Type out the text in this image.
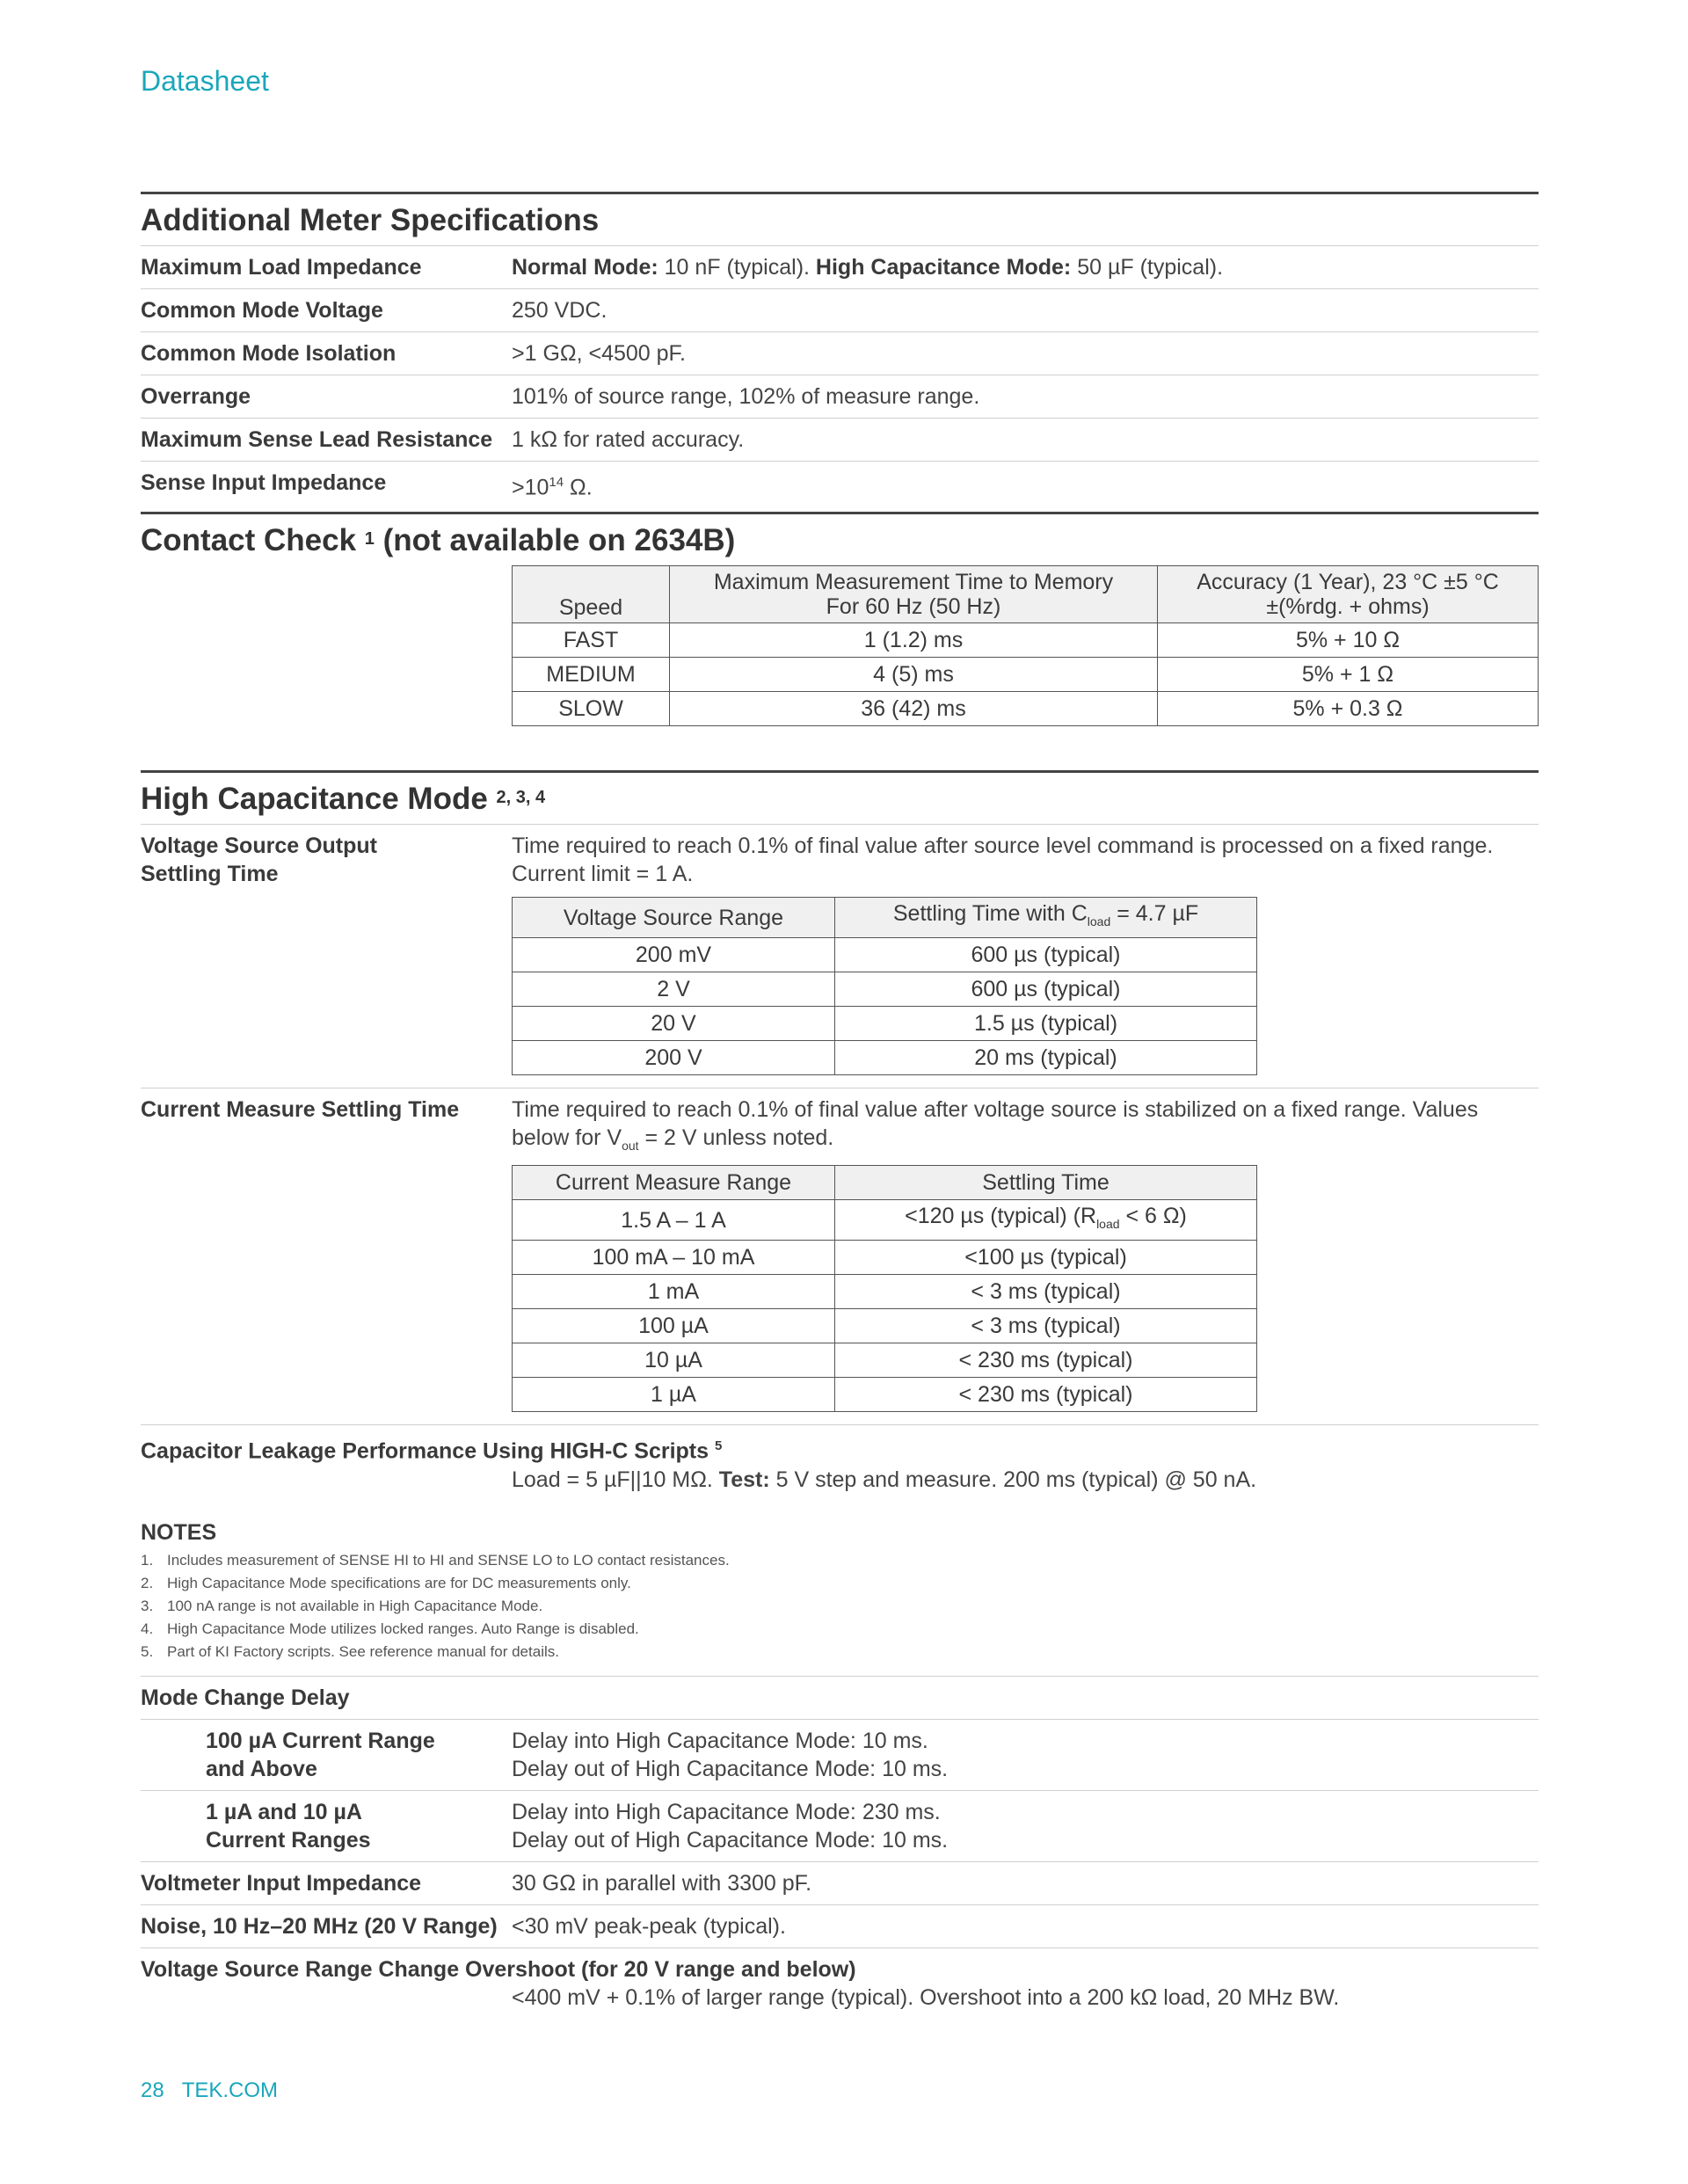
Datasheet
Additional Meter Specifications
Maximum Load Impedance	Normal Mode: 10 nF (typical). High Capacitance Mode: 50 µF (typical).
Common Mode Voltage	250 VDC.
Common Mode Isolation	>1 GΩ, <4500 pF.
Overrange	101% of source range, 102% of measure range.
Maximum Sense Lead Resistance 1 kΩ for rated accuracy.
Sense Input Impedance	$>10^{14}$ Ω.
Contact Check $^1$ (not available on 2634B)
Speed	Maximum Measurement Time to Memory For 60 Hz (50 Hz)	Accuracy (1 Year), 23 °C ±5 °C ±(%rdg. + ohms)
FAST	1 (1.2) ms	5% + 10 Ω
MEDIUM	4 (5) ms	5% + 1 Ω
SLOW	36 (42) ms	5% + 0.3 Ω
High Capacitance Mode $^{2, 3, 4}$
Voltage Source Output Settling Time
Time required to reach 0.1% of final value after source level command is processed on a fixed range. Current limit = 1 A.
Voltage Source Range	Settling Time with $C_{load} = 4.7$ µF
200 mV	600 µs (typical)
2 V	600 µs (typical)
20 V	1.5 µs (typical)
200 V	20 ms (typical)
Current Measure Settling Time	Time required to reach 0.1% of final value after voltage source is stabilized on a fixed range. Values below for $V_{out} = 2$ V unless noted.
Current Measure Range	Settling Time
1.5 A – 1 A	<120 µs (typical) ($R_{load} < 6$ Ω)
100 mA – 10 mA	<100 µs (typical)
1 mA	< 3 ms (typical)
100 µA	< 3 ms (typical)
10 µA	< 230 ms (typical)
1 µA	< 230 ms (typical)
Capacitor Leakage Performance Using HIGH-C Scripts $^5$
Load = 5 µF||10 MΩ. Test: 5 V step and measure. 200 ms (typical) @ 50 nA.
NOTES
1. Includes measurement of SENSE HI to HI and SENSE LO to LO contact resistances.
2. High Capacitance Mode specifications are for DC measurements only.
3. 100 nA range is not available in High Capacitance Mode.
4. High Capacitance Mode utilizes locked ranges. Auto Range is disabled.
5. Part of KI Factory scripts. See reference manual for details.
Mode Change Delay
100 µA Current Range and Above
Delay into High Capacitance Mode: 10 ms.
Delay out of High Capacitance Mode: 10 ms.
1 µA and 10 µA Current Ranges
Delay into High Capacitance Mode: 230 ms.
Delay out of High Capacitance Mode: 10 ms.
Voltmeter Input Impedance	30 GΩ in parallel with 3300 pF.
Noise, 10 Hz–20 MHz (20 V Range) <30 mV peak-peak (typical).
Voltage Source Range Change Overshoot (for 20 V range and below)
<400 mV + 0.1% of larger range (typical). Overshoot into a 200 kΩ load, 20 MHz BW.
28 TEK.COM
